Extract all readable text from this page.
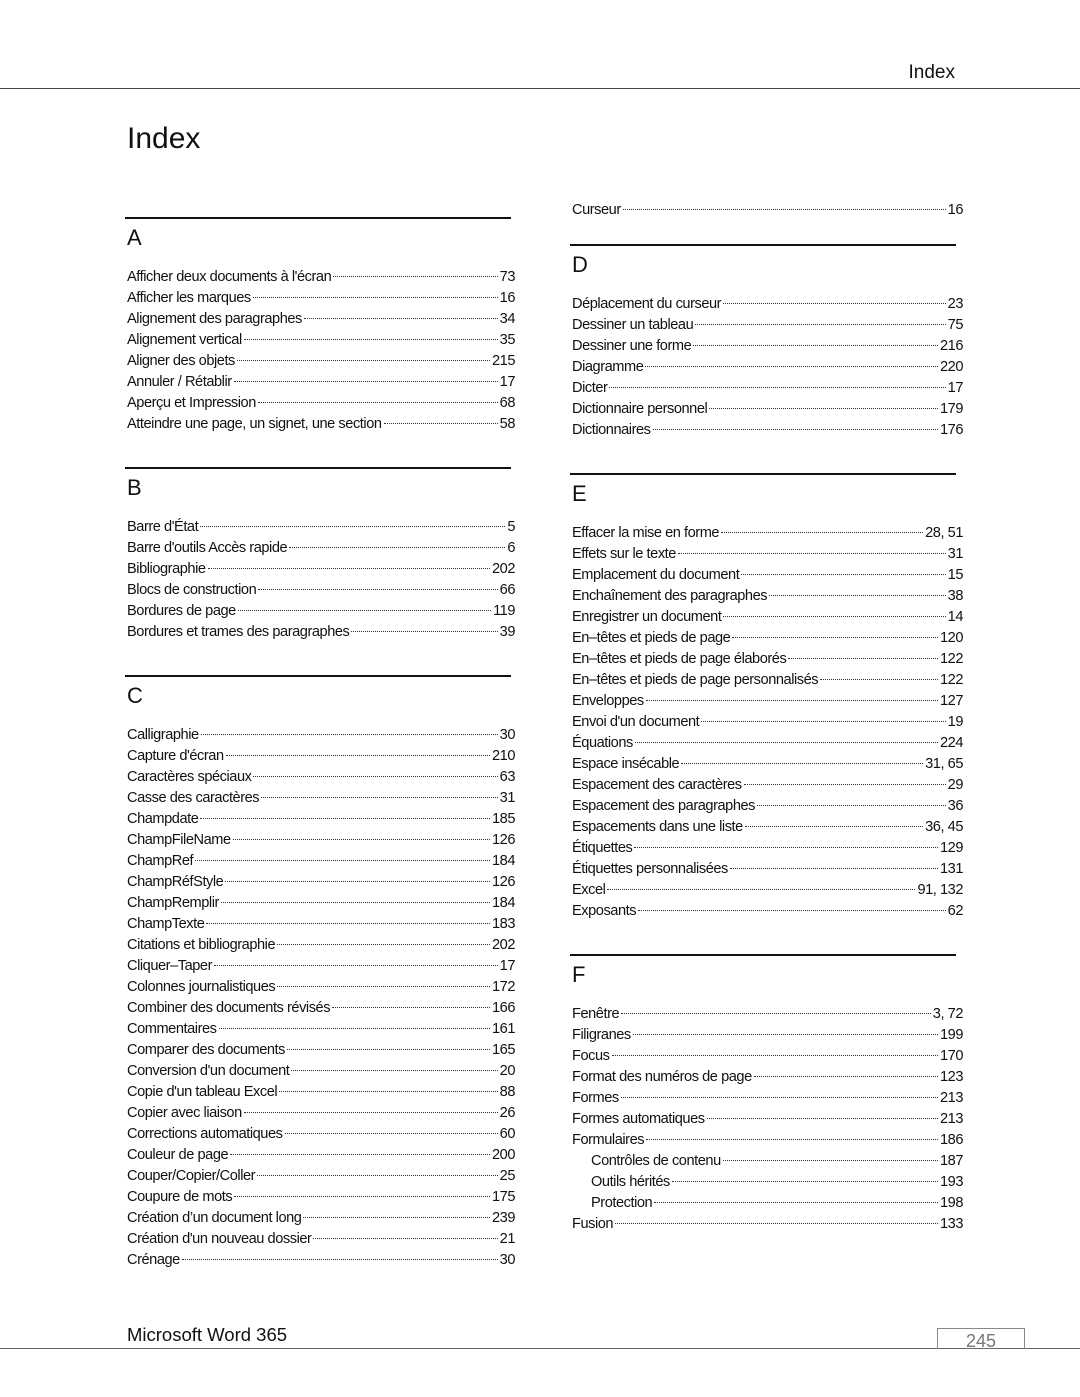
Index
Index
A
Afficher deux documents à l'écran	73
Afficher les marques	16
Alignement des paragraphes	34
Alignement vertical	35
Aligner des objets	215
Annuler / Rétablir	17
Aperçu et Impression	68
Atteindre une page, un signet, une section	58
B
Barre d'État	5
Barre d'outils Accès rapide	6
Bibliographie	202
Blocs de construction	66
Bordures de page	119
Bordures et trames des paragraphes	39
C
Calligraphie	30
Capture d'écran	210
Caractères spéciaux	63
Casse des caractères	31
Champdate	185
ChampFileName	126
ChampRef	184
ChampRéfStyle	126
ChampRemplir	184
ChampTexte	183
Citations et bibliographie	202
Cliquer–Taper	17
Colonnes journalistiques	172
Combiner des documents révisés	166
Commentaires	161
Comparer des documents	165
Conversion d'un document	20
Copie d'un tableau Excel	88
Copier avec liaison	26
Corrections automatiques	60
Couleur de page	200
Couper/Copier/Coller	25
Coupure de mots	175
Création d’un document long	239
Création d'un nouveau dossier	21
Crénage	30
Curseur	16
D
Déplacement du curseur	23
Dessiner un tableau	75
Dessiner une forme	216
Diagramme	220
Dicter	17
Dictionnaire personnel	179
Dictionnaires	176
E
Effacer la mise en forme	28, 51
Effets sur le texte	31
Emplacement du document	15
Enchaînement des paragraphes	38
Enregistrer un document	14
En–têtes et pieds de page	120
En–têtes et pieds de page élaborés	122
En–têtes et pieds de page personnalisés	122
Enveloppes	127
Envoi d'un document	19
Équations	224
Espace insécable	31, 65
Espacement des caractères	29
Espacement des paragraphes	36
Espacements dans une liste	36, 45
Étiquettes	129
Étiquettes personnalisées	131
Excel	91, 132
Exposants	62
F
Fenêtre	3, 72
Filigranes	199
Focus	170
Format des numéros de page	123
Formes	213
Formes automatiques	213
Formulaires	186
Contrôles de contenu	187
Outils hérités	193
Protection	198
Fusion	133
Microsoft Word 365	245
